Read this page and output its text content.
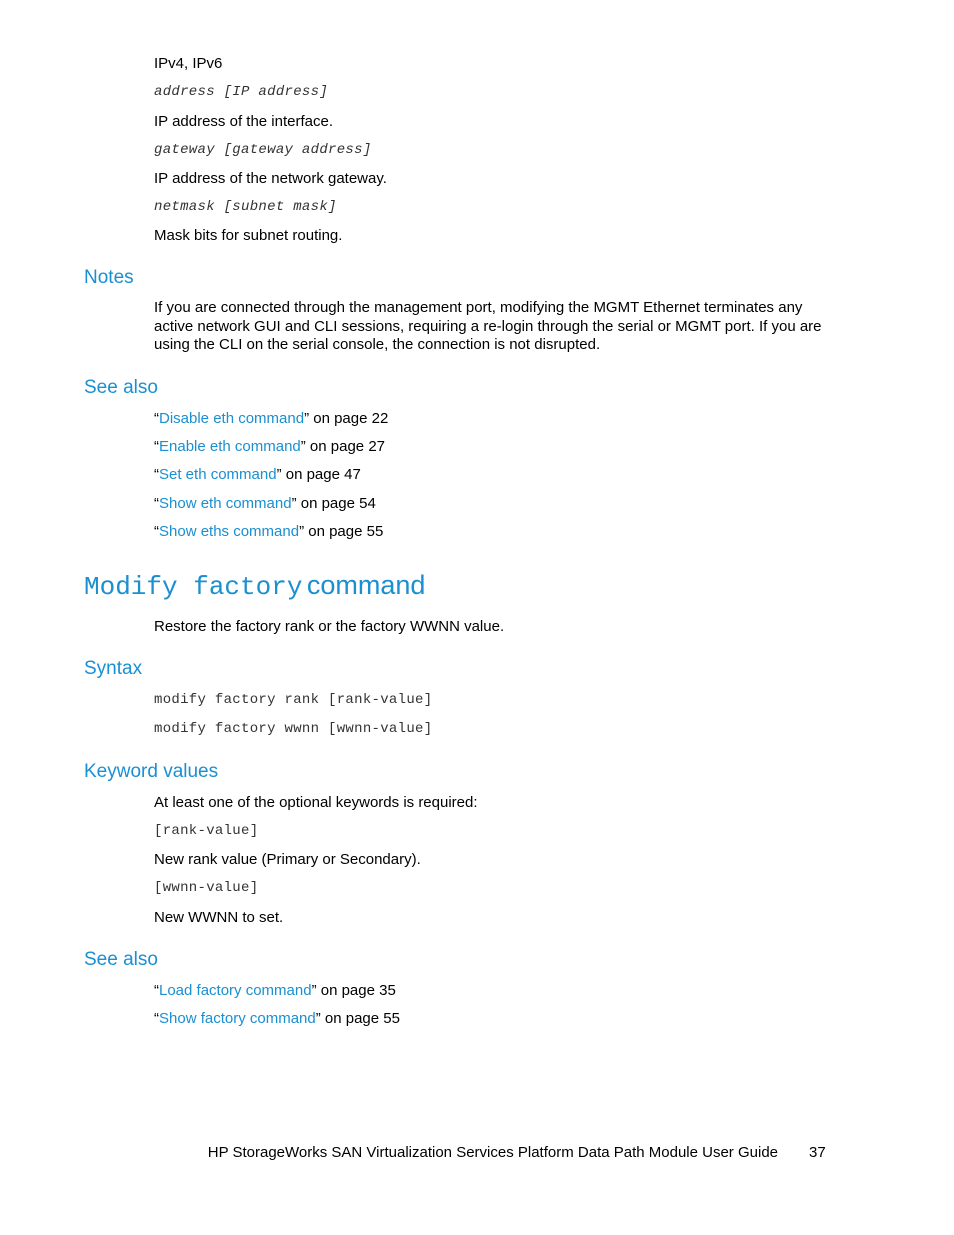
IPv4, IPv6
address [IP address]
IP address of the interface.
gateway [gateway address]
IP address of the network gateway.
netmask [subnet mask]
Mask bits for subnet routing.
Notes
If you are connected through the management port, modifying the MGMT Ethernet terminates any active network GUI and CLI sessions, requiring a re-login through the serial or MGMT port. If you are using the CLI on the serial console, the connection is not disrupted.
See also
“Disable eth command” on page 22
“Enable eth command” on page 27
“Set eth command” on page 47
“Show eth command” on page 54
“Show eths command” on page 55
Modify factory command
Restore the factory rank or the factory WWNN value.
Syntax
modify factory rank [rank-value]
modify factory wwnn [wwnn-value]
Keyword values
At least one of the optional keywords is required:
[rank-value]
New rank value (Primary or Secondary).
[wwnn-value]
New WWNN to set.
See also
“Load factory command” on page 35
“Show factory command” on page 55
HP StorageWorks SAN Virtualization Services Platform Data Path Module User Guide 37
